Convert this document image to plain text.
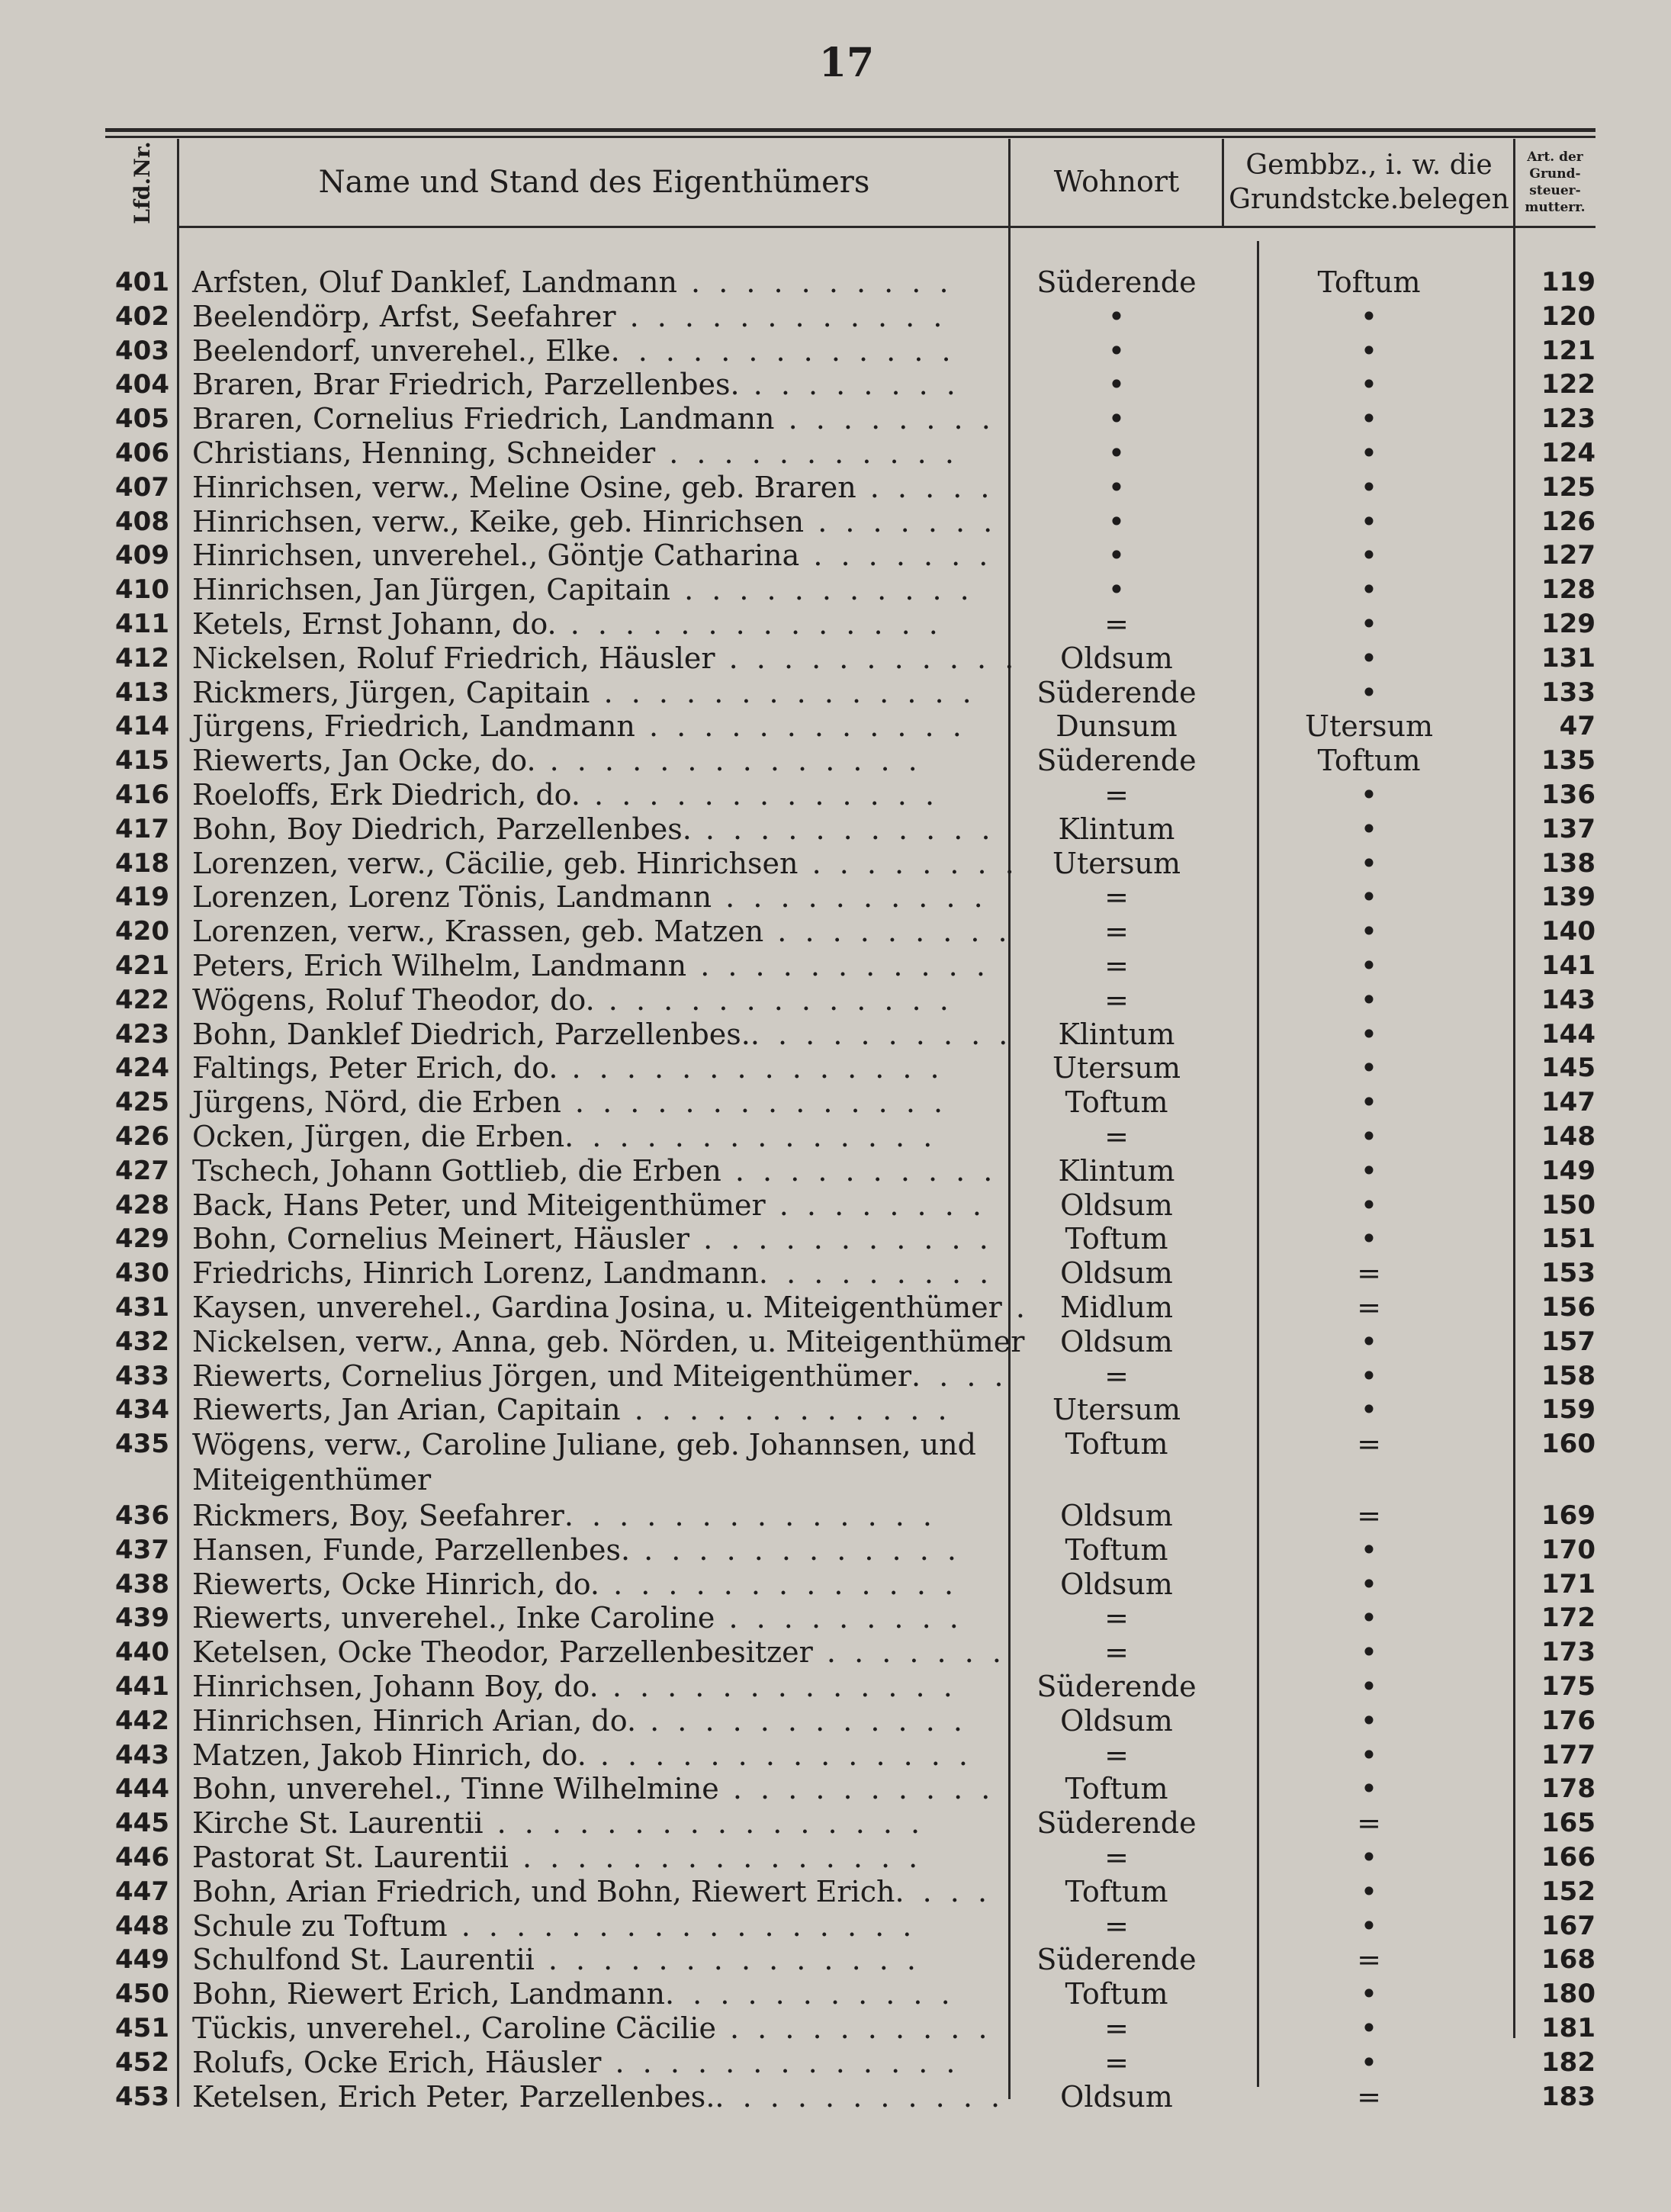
17
Lfd.Nr.	Name und Stand des Eigenthümers	Wohnort	Gembbz., i. w. die
Grundstcke.belegen
Art. der
Grund-
steuer-
mutterr.
401 Arfsten, Oluf Danklef, Landmann . . . . . . . . . .	Süderende	Toftum	119
402 Beelendörp, Arfst, Seefahrer . . . . . . . . . . . .	•	•	120
403 Beelendorf, unverehel., Elke. . . . . . . . . . . . .	•	•	121
404 Braren, Brar Friedrich, Parzellenbes. . . . . . . . .	•	•	122
405 Braren, Cornelius Friedrich, Landmann . . . . . . . .	•	•	123
406 Christians, Henning, Schneider . . . . . . . . . . .	•	•	124
407 Hinrichsen, verw., Meline Osine, geb. Braren . . . . .	•	•	125
408 Hinrichsen, verw., Keike, geb. Hinrichsen . . . . . . .	•	•	126
409 Hinrichsen, unverehel., Göntje Catharina . . . . . . .	•	•	127
410 Hinrichsen, Jan Jürgen, Capitain . . . . . . . . . . .	•	•	128
411 Ketels, Ernst Johann, do. . . . . . . . . . . . . . .	=	•	129
412 Nickelsen, Roluf Friedrich, Häusler . . . . . . . . . . .	Oldsum	•	131
413 Rickmers, Jürgen, Capitain . . . . . . . . . . . . . .	Süderende	•	133
414 Jürgens, Friedrich, Landmann . . . . . . . . . . . .	Dunsum	Utersum	47
415 Riewerts, Jan Ocke, do. . . . . . . . . . . . . . .	Süderende	Toftum	135
416 Roeloffs, Erk Diedrich, do. . . . . . . . . . . . . .	=	•	136
417 Bohn, Boy Diedrich, Parzellenbes. . . . . . . . . . . .	Klintum	•	137
418 Lorenzen, verw., Cäcilie, geb. Hinrichsen . . . . . . . .	Utersum	•	138
419 Lorenzen, Lorenz Tönis, Landmann . . . . . . . . . .	=	•	139
420 Lorenzen, verw., Krassen, geb. Matzen . . . . . . . . .	=	•	140
421 Peters, Erich Wilhelm, Landmann . . . . . . . . . . .	=	•	141
422 Wögens, Roluf Theodor, do. . . . . . . . . . . . . .	=	•	143
423 Bohn, Danklef Diedrich, Parzellenbes.. . . . . . . . . .	Klintum	•	144
424 Faltings, Peter Erich, do. . . . . . . . . . . . . . .	Utersum	•	145
425 Jürgens, Nörd, die Erben . . . . . . . . . . . . . .	Toftum	•	147
426 Ocken, Jürgen, die Erben. . . . . . . . . . . . . .	=	•	148
427 Tschech, Johann Gottlieb, die Erben . . . . . . . . . .	Klintum	•	149
428 Back, Hans Peter, und Miteigenthümer . . . . . . . .	Oldsum	•	150
429 Bohn, Cornelius Meinert, Häusler . . . . . . . . . . .	Toftum	•	151
430 Friedrichs, Hinrich Lorenz, Landmann. . . . . . . . .	Oldsum	=	153
431 Kaysen, unverehel., Gardina Josina, u. Miteigenthümer .	Midlum	=	156
432 Nickelsen, verw., Anna, geb. Nörden, u. Miteigenthümer	Oldsum	•	157
433 Riewerts, Cornelius Jörgen, und Miteigenthümer. . . .	=	•	158
434 Riewerts, Jan Arian, Capitain . . . . . . . . . . . .	Utersum	•	159
435 Wögens, verw., Caroline Juliane, geb. Johannsen, und Miteigenthümer
Toftum	=	160
436 Rickmers, Boy, Seefahrer. . . . . . . . . . . . . .	Oldsum	=	169
437 Hansen, Funde, Parzellenbes. . . . . . . . . . . . .	Toftum	•	170
438 Riewerts, Ocke Hinrich, do. . . . . . . . . . . . . .	Oldsum	•	171
439 Riewerts, unverehel., Inke Caroline . . . . . . . . .	=	•	172
440 Ketelsen, Ocke Theodor, Parzellenbesitzer . . . . . . .	=	•	173
441 Hinrichsen, Johann Boy, do. . . . . . . . . . . . . .	Süderende	•	175
442 Hinrichsen, Hinrich Arian, do. . . . . . . . . . . . .	Oldsum	•	176
443 Matzen, Jakob Hinrich, do. . . . . . . . . . . . . . .	=	•	177
444 Bohn, unverehel., Tinne Wilhelmine . . . . . . . . . .	Toftum	•	178
445 Kirche St. Laurentii . . . . . . . . . . . . . . . .	Süderende	=	165
446 Pastorat St. Laurentii . . . . . . . . . . . . . . .	=	•	166
447 Bohn, Arian Friedrich, und Bohn, Riewert Erich. . . .	Toftum	•	152
448 Schule zu Toftum . . . . . . . . . . . . . . . . .	=	•	167
449 Schulfond St. Laurentii . . . . . . . . . . . . . .	Süderende	=	168
450 Bohn, Riewert Erich, Landmann. . . . . . . . . . .	Toftum	•	180
451 Tückis, unverehel., Caroline Cäcilie . . . . . . . . . .	=	•	181
452 Rolufs, Ocke Erich, Häusler . . . . . . . . . . . . .	=	•	182
453 Ketelsen, Erich Peter, Parzellenbes.. . . . . . . . . . .	Oldsum	=	183
